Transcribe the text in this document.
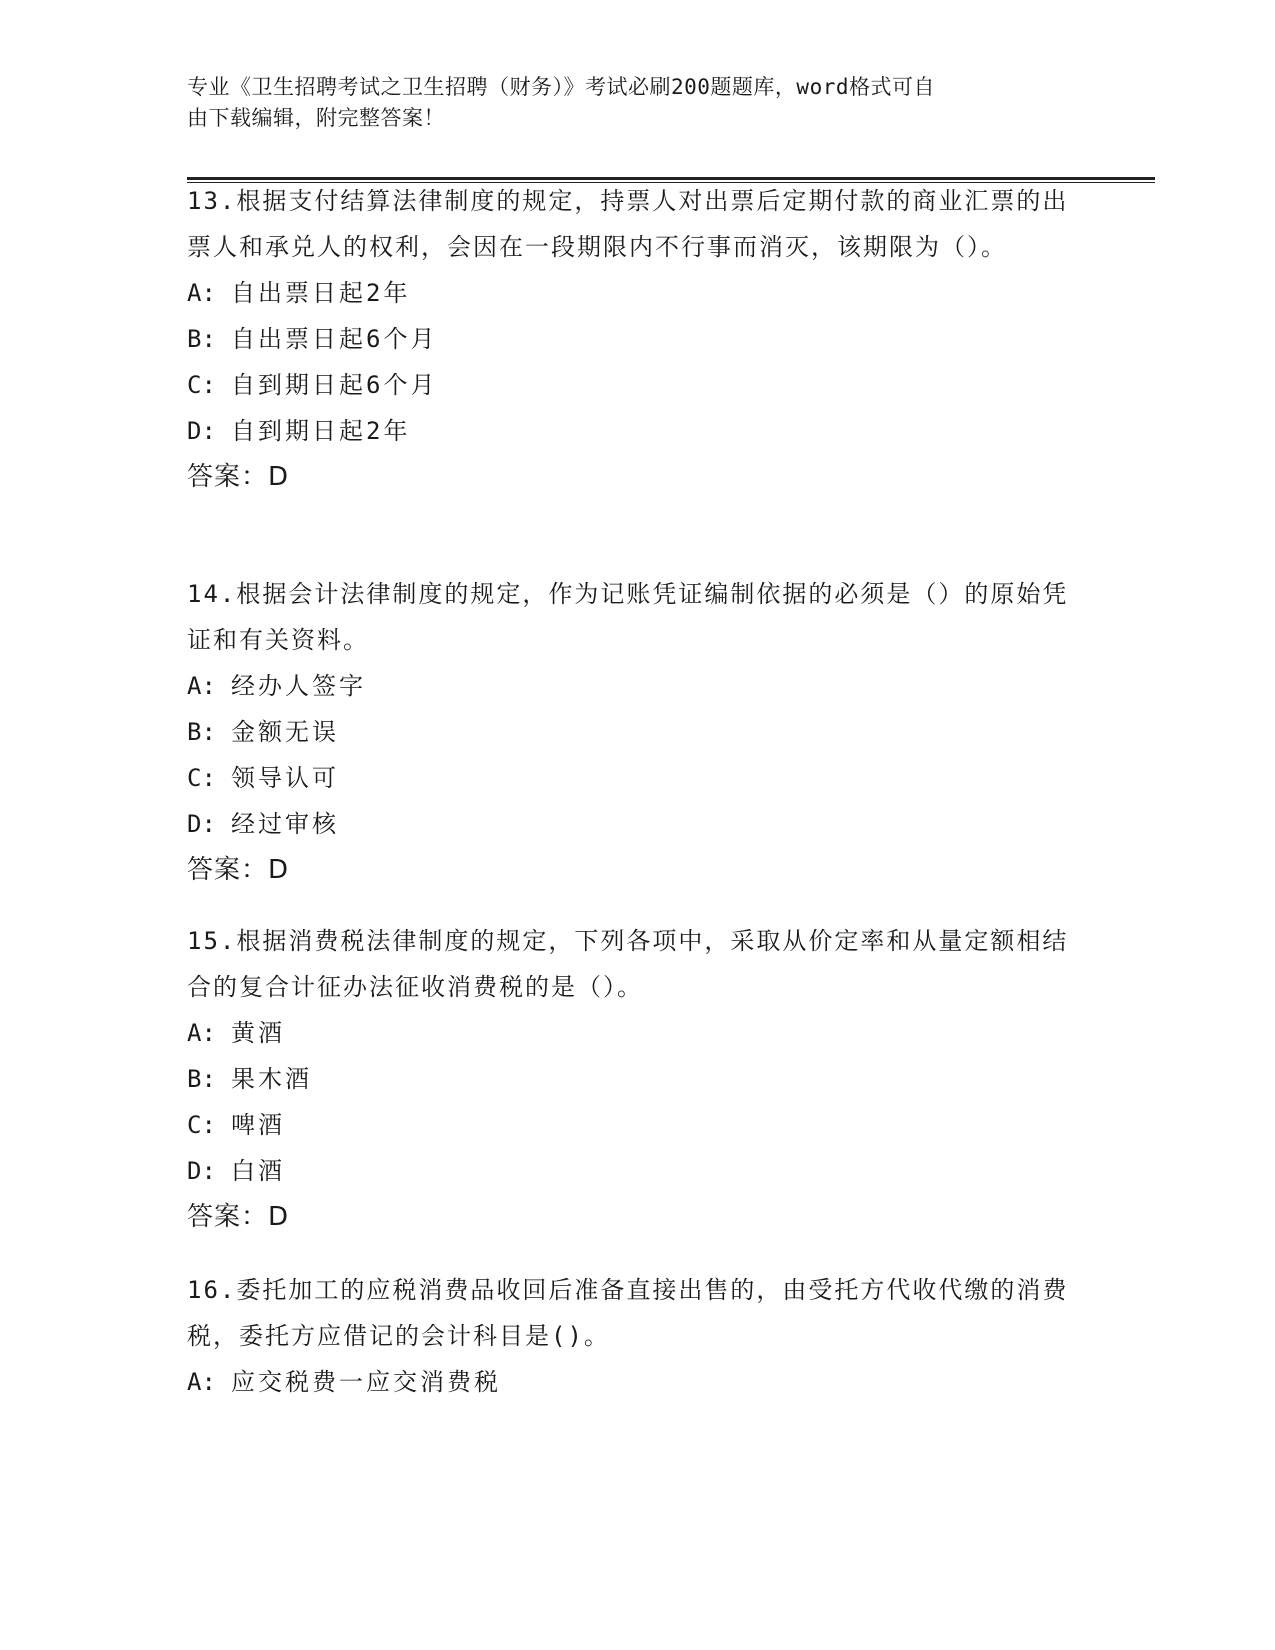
专业《卫生招聘考试之卫生招聘（财务）》考试必刷200题题库，word格式可自
由下载编辑，附完整答案！

13.根据支付结算法律制度的规定，持票人对出票后定期付款的商业汇票的出票人和承兑人的权利，会因在一段期限内不行事而消灭，该期限为（）。

A: 自出票日起2年
B: 自出票日起6个月
C: 自到期日起6个月
D: 自到期日起2年
答案：D

14.根据会计法律制度的规定，作为记账凭证编制依据的必须是（）的原始凭证和有关资料。

A: 经办人签字
B: 金额无误
C: 领导认可
D: 经过审核
答案：D

15.根据消费税法律制度的规定，下列各项中，采取从价定率和从量定额相结合的复合计征办法征收消费税的是（）。

A: 黄酒
B: 果木酒
C: 啤酒
D: 白酒
答案：D

16.委托加工的应税消费品收回后准备直接出售的，由受托方代收代缴的消费税，委托方应借记的会计科目是()。

A: 应交税费一应交消费税
